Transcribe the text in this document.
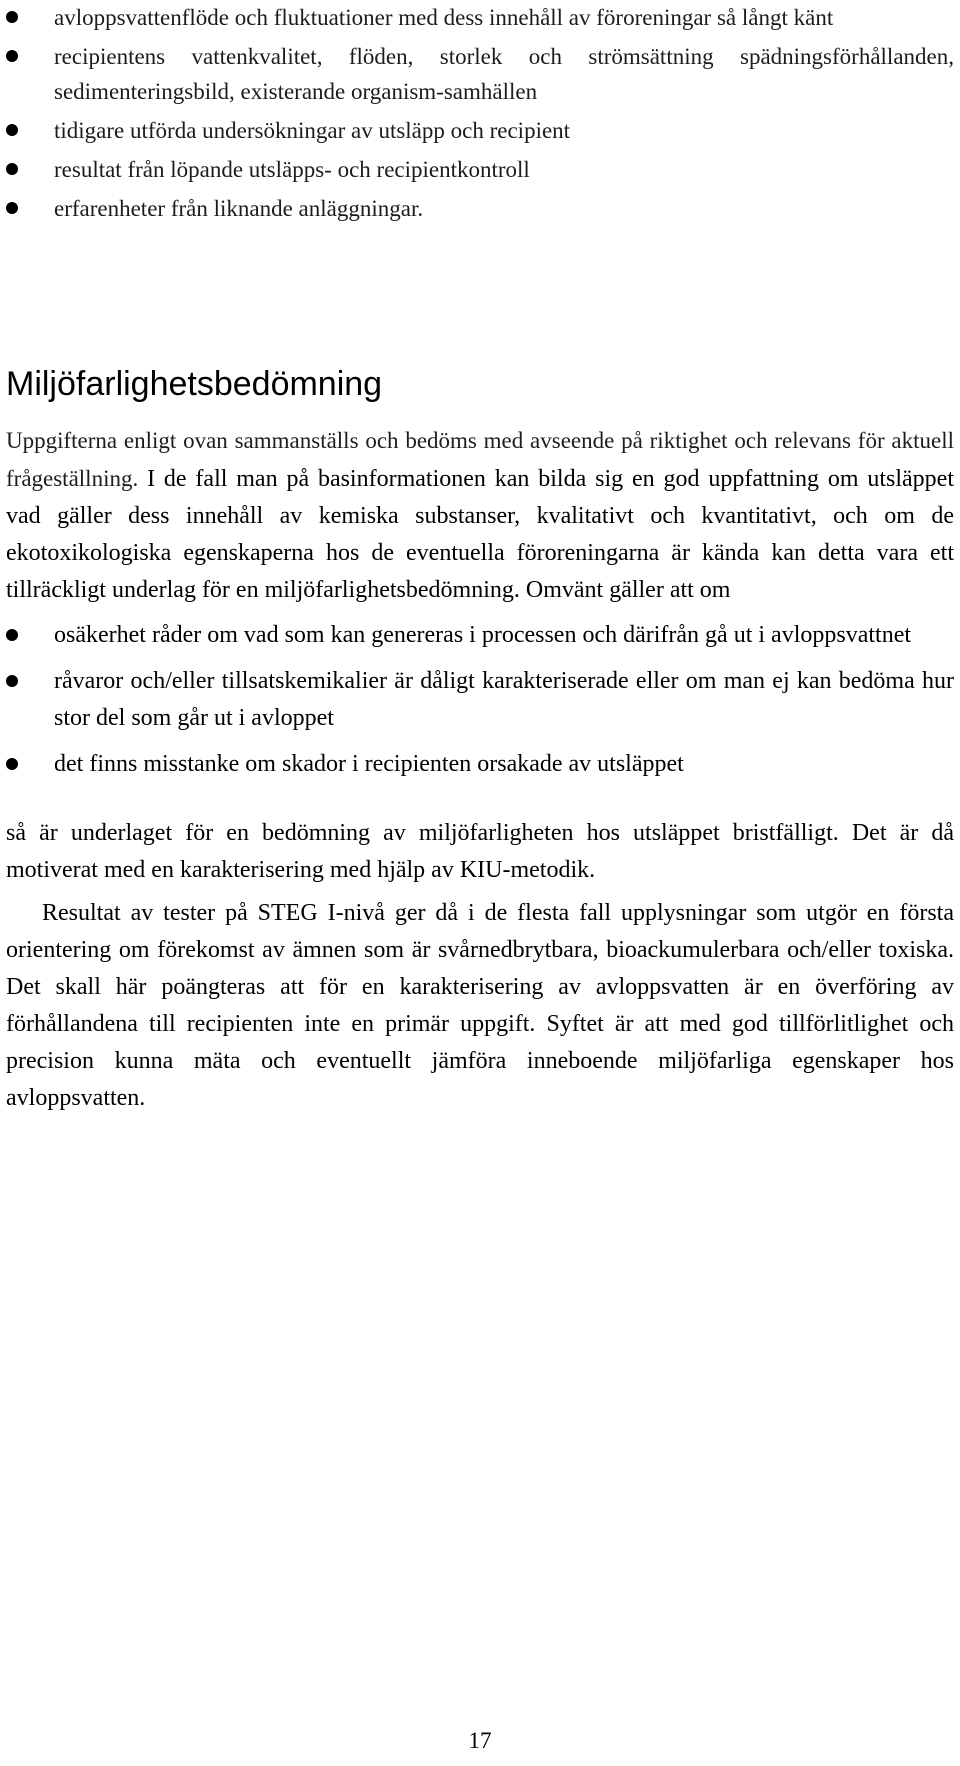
avloppsvattenflöde och fluktuationer med dess innehåll av föroreningar så långt känt
recipientens vattenkvalitet, flöden, storlek och strömsättning spädningsförhållanden, sedimenteringsbild, existerande organism-samhällen
tidigare utförda undersökningar av utsläpp och recipient
resultat från löpande utsläpps- och recipientkontroll
erfarenheter från liknande anläggningar.
Miljöfarlighetsbedömning

Uppgifterna enligt ovan sammanställs och bedöms med avseende på riktighet och relevans för aktuell frågeställning. I de fall man på basinformationen kan bilda sig en god uppfattning om utsläppet vad gäller dess innehåll av kemiska substanser, kvalitativt och kvantitativt, och om de ekotoxikologiska egenskaperna hos de eventuella föroreningarna är kända kan detta vara ett tillräckligt underlag för en miljöfarlighetsbedömning. Omvänt gäller att om

osäkerhet råder om vad som kan genereras i processen och därifrån gå ut i avloppsvattnet
råvaror och/eller tillsatskemikalier är dåligt karakteriserade eller om man ej kan bedöma hur stor del som går ut i avloppet
det finns misstanke om skador i recipienten orsakade av utsläppet

så är underlaget för en bedömning av miljöfarligheten hos utsläppet bristfälligt. Det är då motiverat med en karakterisering med hjälp av KIU-metodik.

Resultat av tester på STEG I-nivå ger då i de flesta fall upplysningar som utgör en första orientering om förekomst av ämnen som är svårnedbrytbara, bioackumulerbara och/eller toxiska. Det skall här poängteras att för en karakterisering av avloppsvatten är en överföring av förhållandena till recipienten inte en primär uppgift. Syftet är att med god tillförlitlighet och precision kunna mäta och eventuellt jämföra inneboende miljöfarliga egenskaper hos avloppsvatten.

17
